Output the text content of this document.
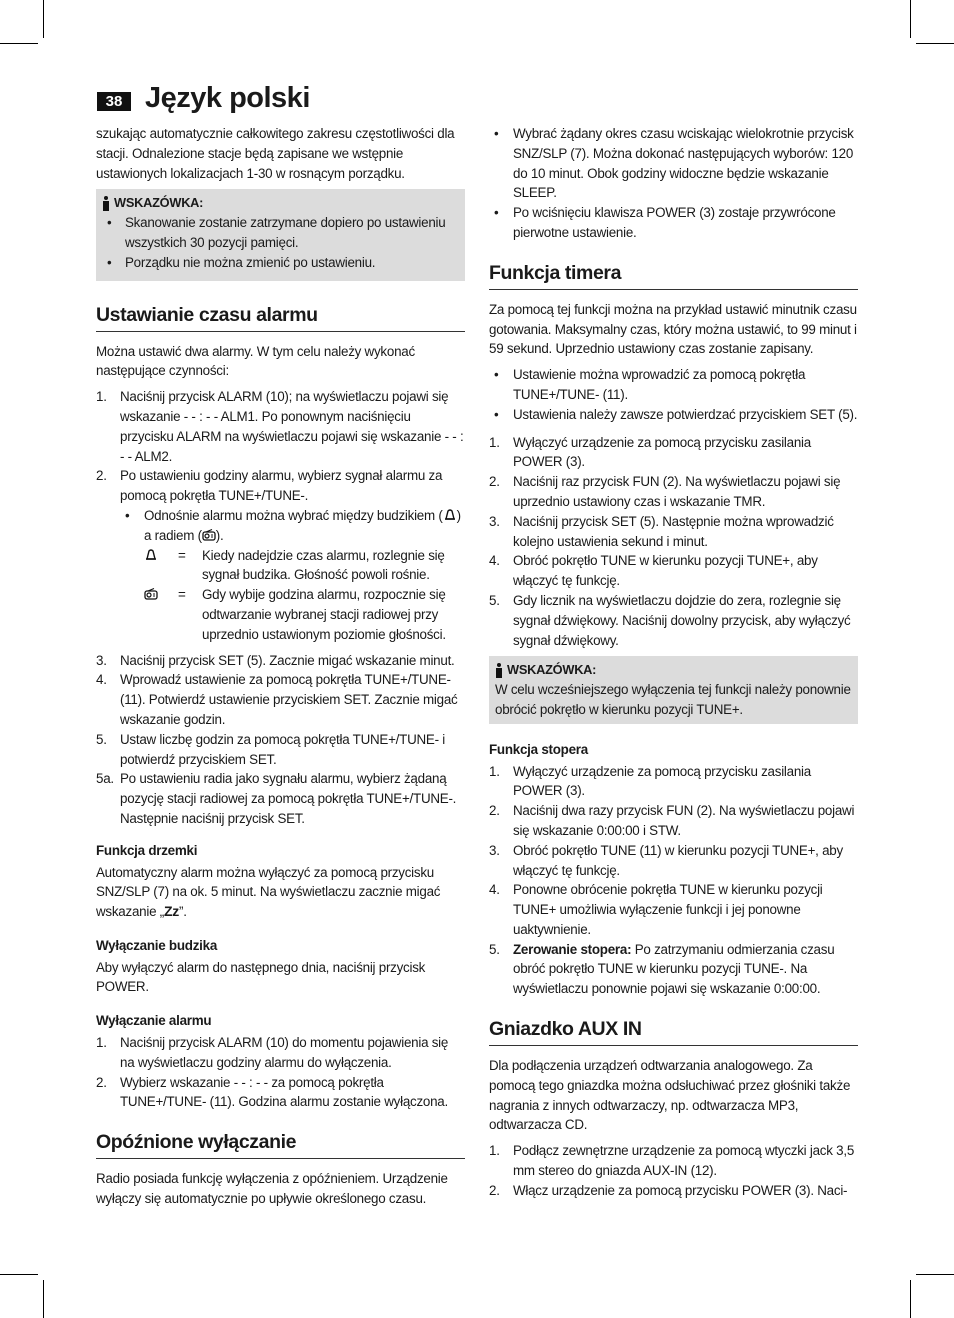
38 Język polski

szukając automatycznie całkowitego zakresu częstotliwości dla stacji. Odnalezione stacje będą zapisane we wstępnie ustawionych lokalizacjach 1-30 w rosnącym porządku.

WSKAZÓWKA:
• Skanowanie zostanie zatrzymane dopiero po ustawieniu wszystkich 30 pozycji pamięci.
• Porządku nie można zmienić po ustawieniu.
Ustawianie czasu alarmu

Można ustawić dwa alarmy. W tym celu należy wykonać następujące czynności:

1. Naciśnij przycisk ALARM (10); na wyświetlaczu pojawi się wskazanie - - : - - ALM1. Po ponownym naciśnięciu przycisku ALARM na wyświetlaczu pojawi się wskazanie - - : - - ALM2.
2. Po ustawieniu godziny alarmu, wybierz sygnał alarmu za pomocą pokrętła TUNE+/TUNE-.
• Odnośnie alarmu można wybrać między budzikiem ( ) a radiem ( ).
=	Kiedy nadejdzie czas alarmu, rozlegnie się sygnał budzika. Głośność powoli rośnie.
=	Gdy wybije godzina alarmu, rozpocznie się odtwarzanie wybranej stacji radiowej przy uprzednio ustawionym poziomie głośności.
3. Naciśnij przycisk SET (5). Zacznie migać wskazanie minut.
4. Wprowadź ustawienie za pomocą pokrętła TUNE+/TUNE- (11). Potwierdź ustawienie przyciskiem SET. Zacznie migać wskazanie godzin.
5. Ustaw liczbę godzin za pomocą pokrętła TUNE+/TUNE- i potwierdź przyciskiem SET.
5a. Po ustawieniu radia jako sygnału alarmu, wybierz żądaną pozycję stacji radiowej za pomocą pokrętła TUNE+/TUNE-. Następnie naciśnij przycisk SET.
Funkcja drzemki

Automatyczny alarm można wyłączyć za pomocą przycisku SNZ/SLP (7) na ok. 5 minut. Na wyświetlaczu zacznie migać wskazanie „Zz”.

Wyłączanie budzika

Aby wyłączyć alarm do następnego dnia, naciśnij przycisk POWER.

Wyłączanie alarmu
1. Naciśnij przycisk ALARM (10) do momentu pojawienia się na wyświetlaczu godziny alarmu do wyłączenia.
2. Wybierz wskazanie - - : - - za pomocą pokrętła TUNE+/TUNE- (11). Godzina alarmu zostanie wyłączona.
Opóźnione wyłączanie

Radio posiada funkcję wyłączenia z opóźnieniem. Urządzenie wyłączy się automatycznie po upływie określonego czasu.

• Wybrać żądany okres czasu wciskając wielokrotnie przycisk SNZ/SLP (7). Można dokonać następujących wyborów: 120 do 10 minut. Obok godziny widoczne będzie wskazanie SLEEP.
• Po wciśnięciu klawisza POWER (3) zostaje przywrócone pierwotne ustawienie.
Funkcja timera

Za pomocą tej funkcji można na przykład ustawić minutnik czasu gotowania. Maksymalny czas, który można ustawić, to 99 minut i 59 sekund. Uprzednio ustawiony czas zostanie zapisany.

• Ustawienie można wprowadzić za pomocą pokrętła TUNE+/TUNE- (11).
• Ustawienia należy zawsze potwierdzać przyciskiem SET (5).
1. Wyłączyć urządzenie za pomocą przycisku zasilania POWER (3).
2. Naciśnij raz przycisk FUN (2). Na wyświetlaczu pojawi się uprzednio ustawiony czas i wskazanie TMR.
3. Naciśnij przycisk SET (5). Następnie można wprowadzić kolejno ustawienia sekund i minut.
4. Obróć pokrętło TUNE w kierunku pozycji TUNE+, aby włączyć tę funkcję.
5. Gdy licznik na wyświetlaczu dojdzie do zera, rozlegnie się sygnał dźwiękowy. Naciśnij dowolny przycisk, aby wyłączyć sygnał dźwiękowy.
WSKAZÓWKA:
W celu wcześniejszego wyłączenia tej funkcji należy ponownie obrócić pokrętło w kierunku pozycji TUNE+.
Funkcja stopera
1. Wyłączyć urządzenie za pomocą przycisku zasilania POWER (3).
2. Naciśnij dwa razy przycisk FUN (2). Na wyświetlaczu pojawi się wskazanie 0:00:00 i STW.
3. Obróć pokrętło TUNE (11) w kierunku pozycji TUNE+, aby włączyć tę funkcję.
4. Ponowne obrócenie pokrętła TUNE w kierunku pozycji TUNE+ umożliwia wyłączenie funkcji i jej ponowne uaktywnienie.
5. Zerowanie stopera: Po zatrzymaniu odmierzania czasu obróć pokrętło TUNE w kierunku pozycji TUNE-. Na wyświetlaczu ponownie pojawi się wskazanie 0:00:00.
Gniazdko AUX IN

Dla podłączenia urządzeń odtwarzania analogowego. Za pomocą tego gniazdka można odsłuchiwać przez głośniki także nagrania z innych odtwarzaczy, np. odtwarzacza MP3, odtwarzacza CD.

1. Podłącz zewnętrzne urządzenie za pomocą wtyczki jack 3,5 mm stereo do gniazda AUX-IN (12).
2. Włącz urządzenie za pomocą przycisku POWER (3). Naci-
